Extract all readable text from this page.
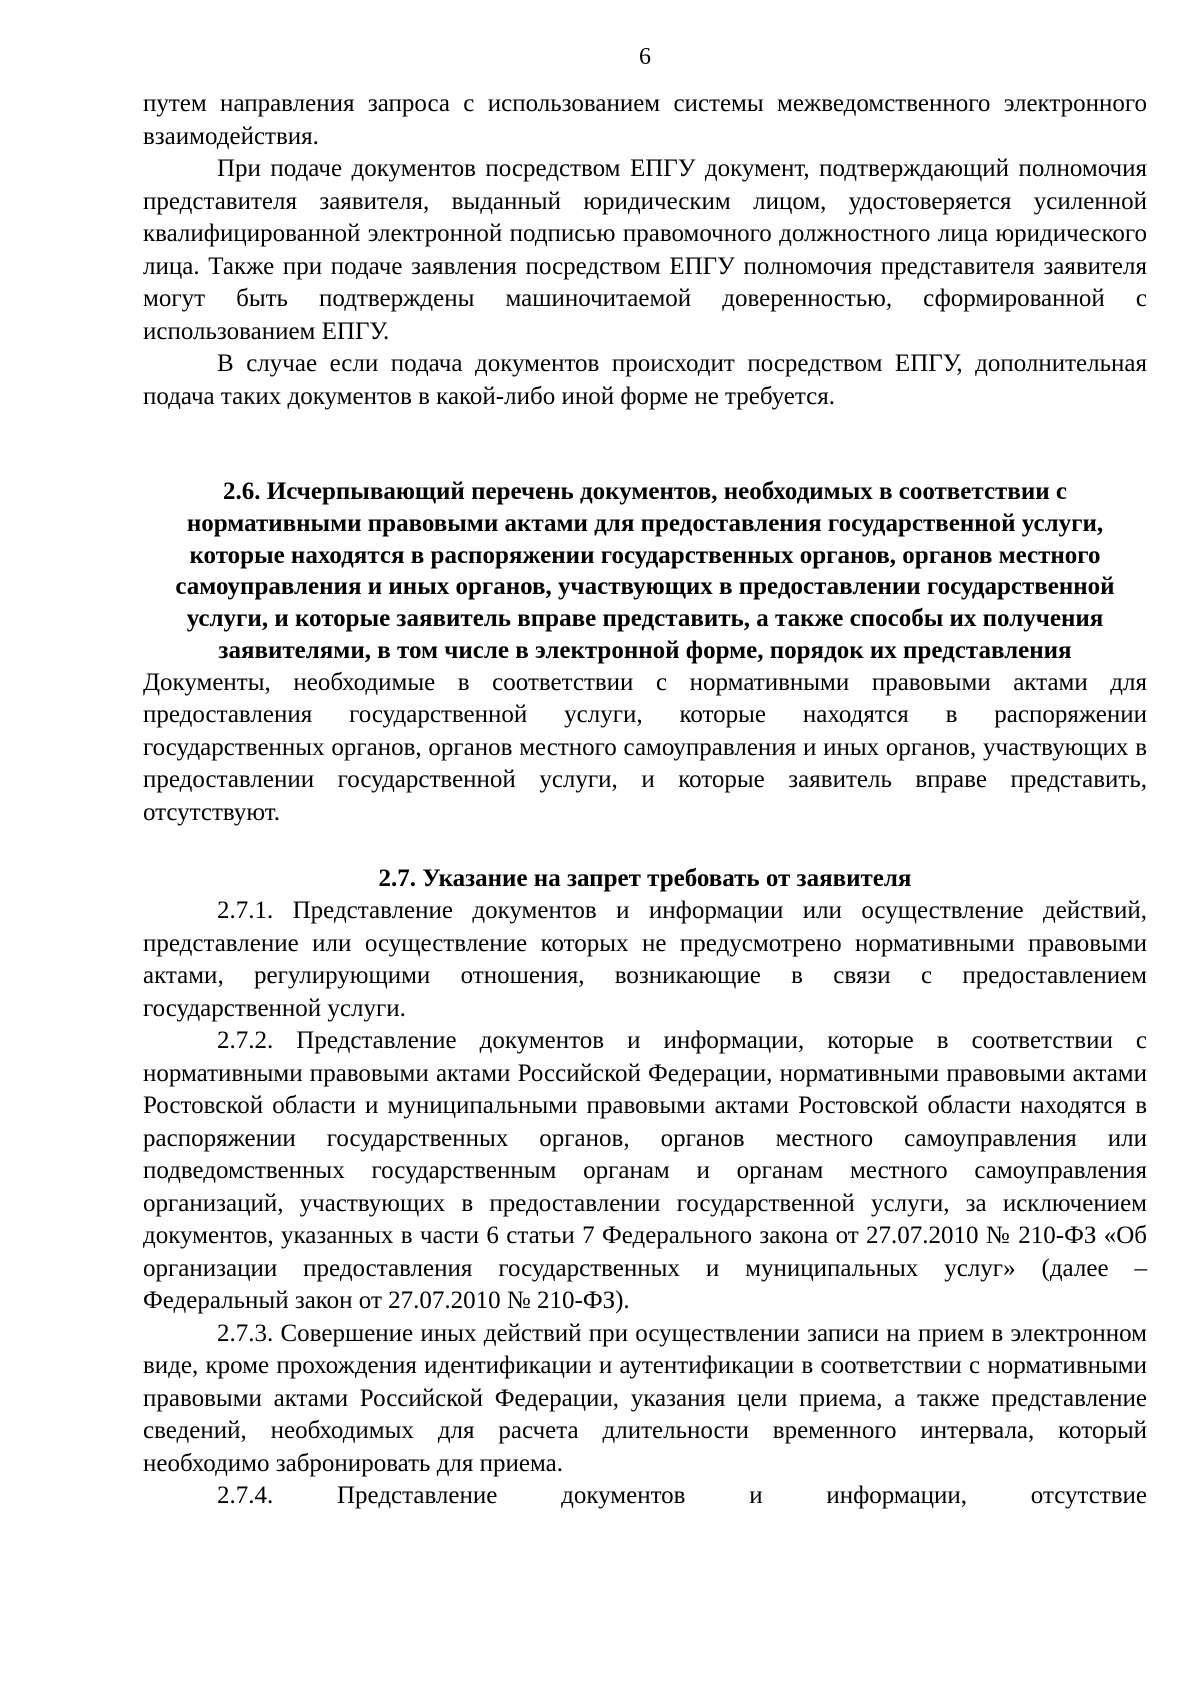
6

путем направления запроса с использованием системы межведомственного электронного взаимодействия.

При подаче документов посредством ЕПГУ документ, подтверждающий полномочия представителя заявителя, выданный юридическим лицом, удостоверяется усиленной квалифицированной электронной подписью правомочного должностного лица юридического лица. Также при подаче заявления посредством ЕПГУ полномочия представителя заявителя могут быть подтверждены машиночитаемой доверенностью, сформированной с использованием ЕПГУ.

В случае если подача документов происходит посредством ЕПГУ, дополнительная подача таких документов в какой-либо иной форме не требуется.

2.6. Исчерпывающий перечень документов, необходимых в соответствии с нормативными правовыми актами для предоставления государственной услуги, которые находятся в распоряжении государственных органов, органов местного самоуправления и иных органов, участвующих в предоставлении государственной услуги, и которые заявитель вправе представить, а также способы их получения заявителями, в том числе в электронной форме, порядок их представления

Документы, необходимые в соответствии с нормативными правовыми актами для предоставления государственной услуги, которые находятся в распоряжении государственных органов, органов местного самоуправления и иных органов, участвующих в предоставлении государственной услуги, и которые заявитель вправе представить, отсутствуют.

2.7. Указание на запрет требовать от заявителя

2.7.1. Представление документов и информации или осуществление действий, представление или осуществление которых не предусмотрено нормативными правовыми актами, регулирующими отношения, возникающие в связи с предоставлением государственной услуги.

2.7.2. Представление документов и информации, которые в соответствии с нормативными правовыми актами Российской Федерации, нормативными правовыми актами Ростовской области и муниципальными правовыми актами Ростовской области находятся в распоряжении государственных органов, органов местного самоуправления или подведомственных государственным органам и органам местного самоуправления организаций, участвующих в предоставлении государственной услуги, за исключением документов, указанных в части 6 статьи 7 Федерального закона от 27.07.2010 № 210-ФЗ «Об организации предоставления государственных и муниципальных услуг» (далее – Федеральный закон от 27.07.2010 № 210-ФЗ).

2.7.3. Совершение иных действий при осуществлении записи на прием в электронном виде, кроме прохождения идентификации и аутентификации в соответствии с нормативными правовыми актами Российской Федерации, указания цели приема, а также представление сведений, необходимых для расчета длительности временного интервала, который необходимо забронировать для приема.

2.7.4. Представление документов и информации, отсутствие
